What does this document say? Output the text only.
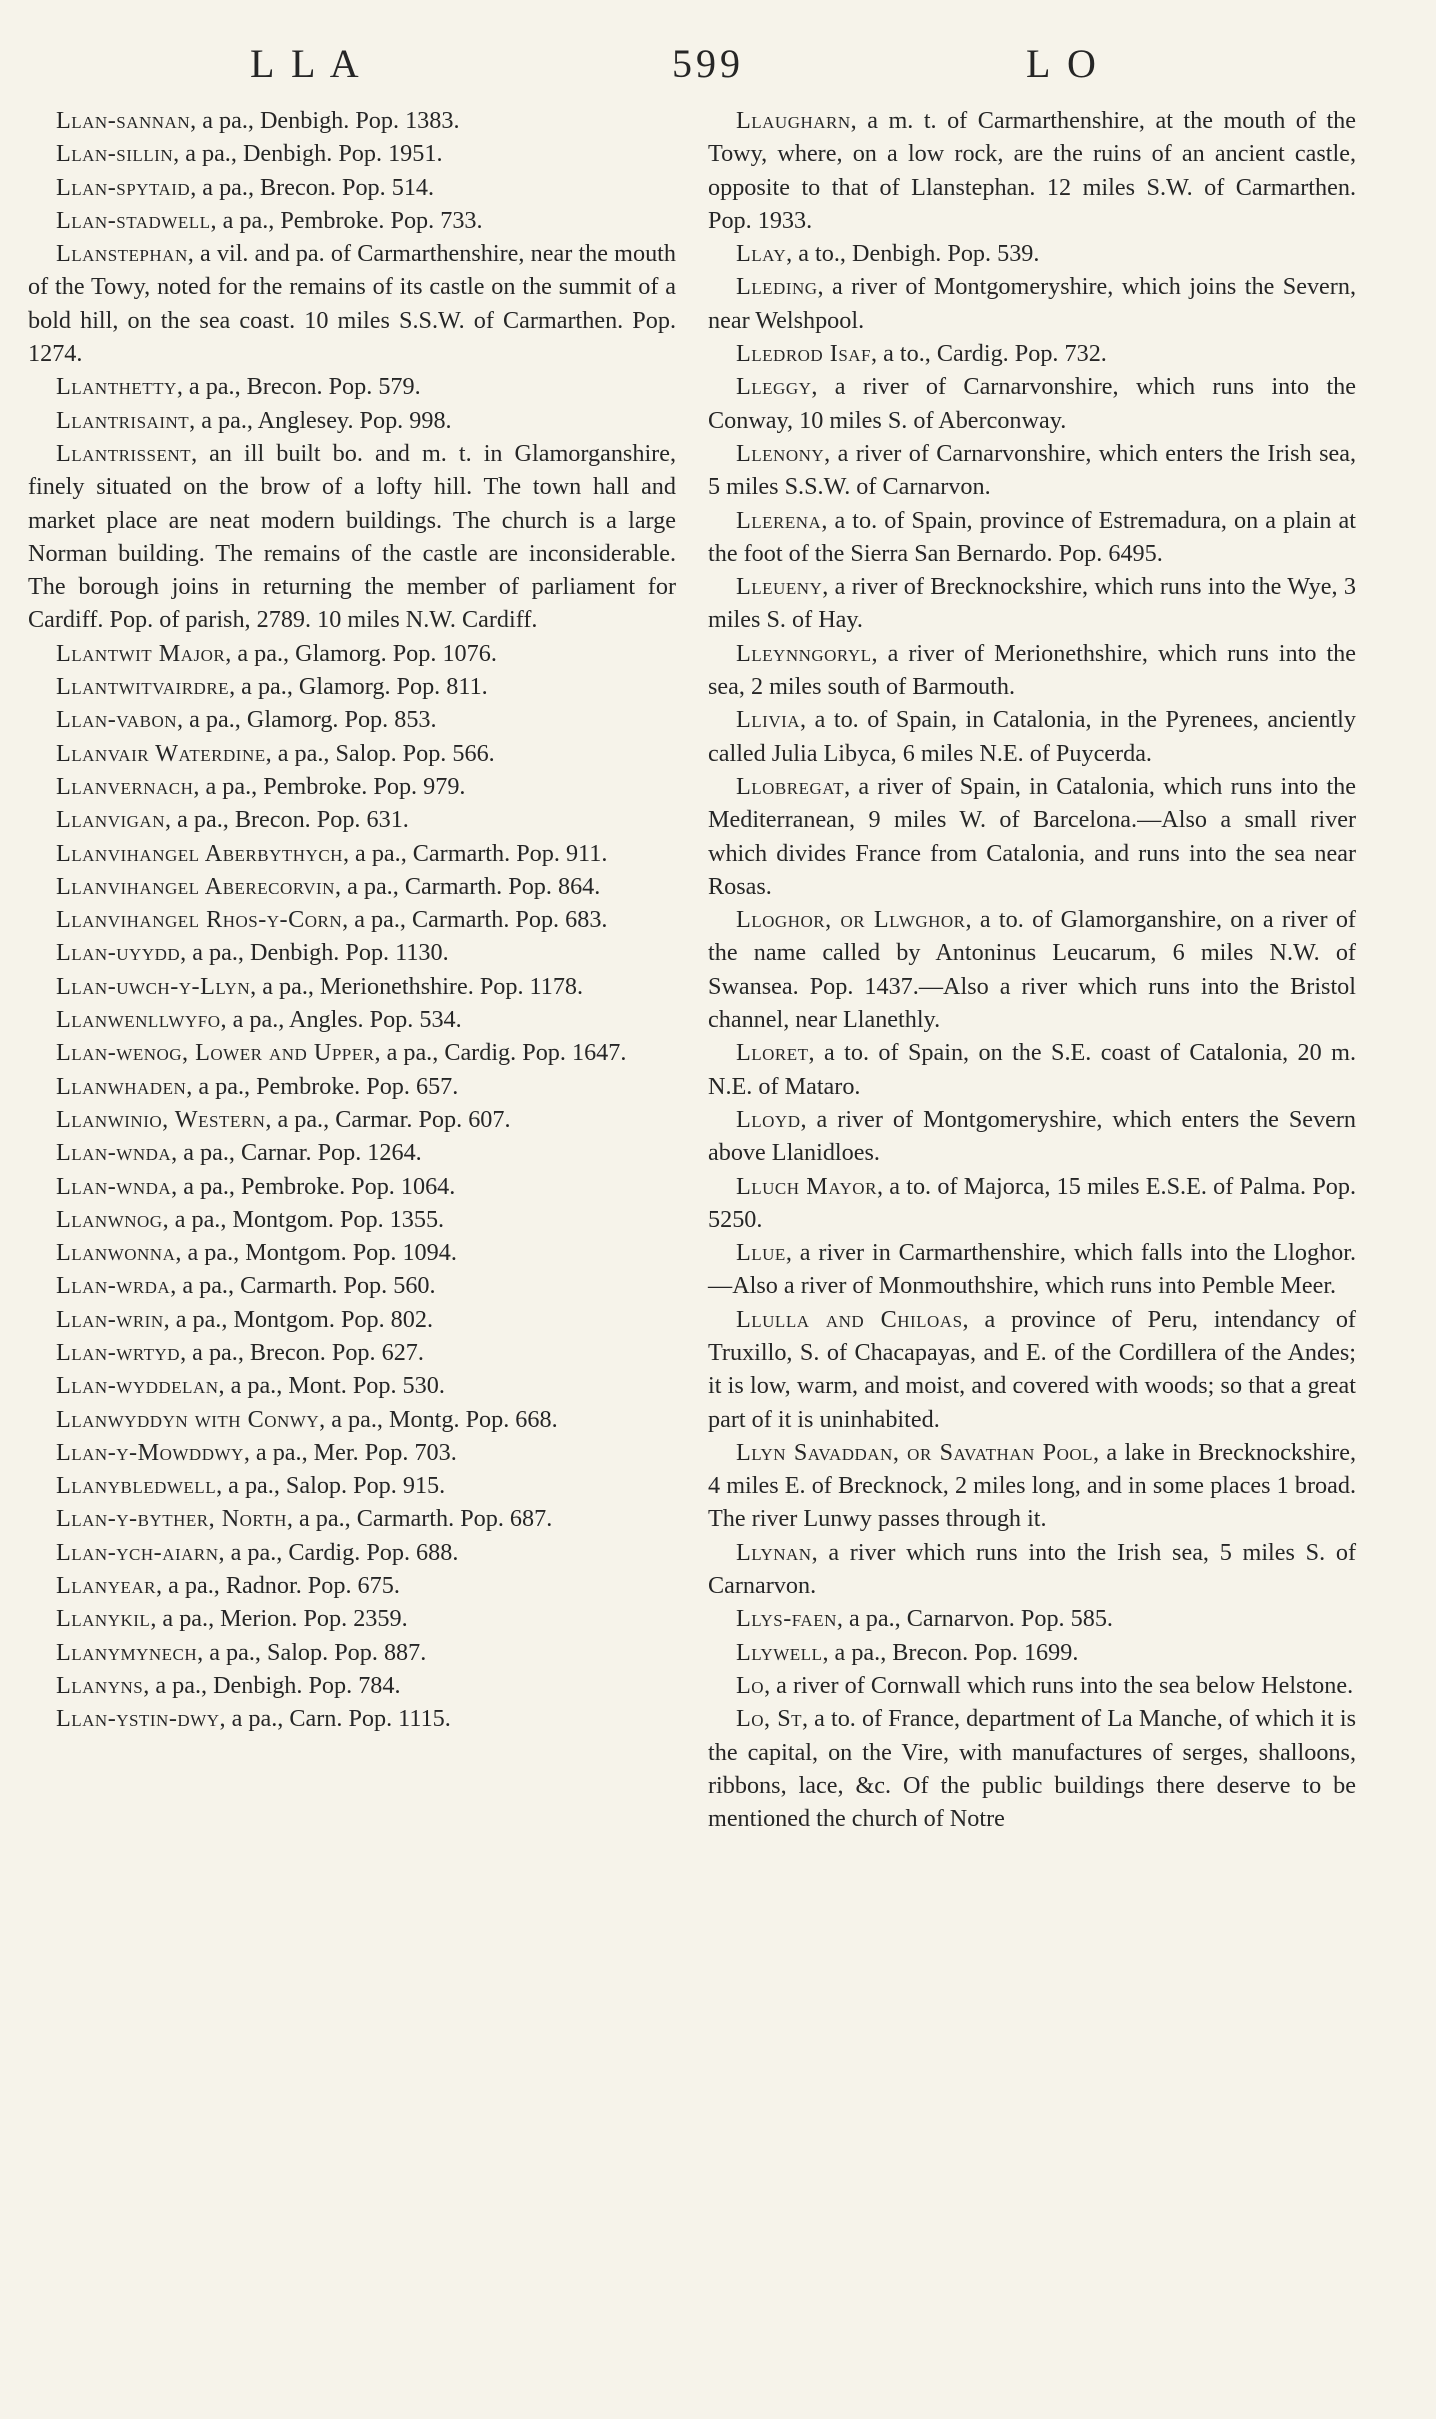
L L A	599	L O

Llan-sannan, a pa., Denbigh. Pop. 1383.

Llan-sillin, a pa., Denbigh. Pop. 1951.

Llan-spytaid, a pa., Brecon. Pop. 514.

Llan-stadwell, a pa., Pembroke. Pop. 733.

Llanstephan, a vil. and pa. of Carmarthenshire, near the mouth of the Towy, noted for the remains of its castle on the summit of a bold hill, on the sea coast. 10 miles S.S.W. of Carmarthen. Pop. 1274.

Llanthetty, a pa., Brecon. Pop. 579.

Llantrisaint, a pa., Anglesey. Pop. 998.

Llantrissent, an ill built bo. and m. t. in Glamorganshire, finely situated on the brow of a lofty hill. The town hall and market place are neat modern buildings. The church is a large Norman building. The remains of the castle are inconsiderable. The borough joins in returning the member of parliament for Cardiff. Pop. of parish, 2789. 10 miles N.W. Cardiff.

Llantwit Major, a pa., Glamorg. Pop. 1076.

Llantwitvairdre, a pa., Glamorg. Pop. 811.

Llan-vabon, a pa., Glamorg. Pop. 853.

Llanvair Waterdine, a pa., Salop. Pop. 566.

Llanvernach, a pa., Pembroke. Pop. 979.

Llanvigan, a pa., Brecon. Pop. 631.

Llanvihangel Aberbythych, a pa., Carmarth. Pop. 911.

Llanvihangel Aberecorvin, a pa., Carmarth. Pop. 864.

Llanvihangel Rhos-y-Corn, a pa., Carmarth. Pop. 683.

Llan-uyydd, a pa., Denbigh. Pop. 1130.

Llan-uwch-y-Llyn, a pa., Merionethshire. Pop. 1178.

Llanwenllwyfo, a pa., Angles. Pop. 534.

Llan-wenog, Lower and Upper, a pa., Cardig. Pop. 1647.

Llanwhaden, a pa., Pembroke. Pop. 657.

Llanwinio, Western, a pa., Carmar. Pop. 607.

Llan-wnda, a pa., Carnar. Pop. 1264.

Llan-wnda, a pa., Pembroke. Pop. 1064.

Llanwnog, a pa., Montgom. Pop. 1355.

Llanwonna, a pa., Montgom. Pop. 1094.

Llan-wrda, a pa., Carmarth. Pop. 560.

Llan-wrin, a pa., Montgom. Pop. 802.

Llan-wrtyd, a pa., Brecon. Pop. 627.

Llan-wyddelan, a pa., Mont. Pop. 530.

Llanwyddyn with Conwy, a pa., Montg. Pop. 668.

Llan-y-Mowddwy, a pa., Mer. Pop. 703.

Llanybledwell, a pa., Salop. Pop. 915.

Llan-y-byther, North, a pa., Carmarth. Pop. 687.

Llan-ych-aiarn, a pa., Cardig. Pop. 688.

Llanyear, a pa., Radnor. Pop. 675.

Llanykil, a pa., Merion. Pop. 2359.

Llanymynech, a pa., Salop. Pop. 887.

Llanyns, a pa., Denbigh. Pop. 784.

Llan-ystin-dwy, a pa., Carn. Pop. 1115.

Llaugharn, a m. t. of Carmarthenshire, at the mouth of the Towy, where, on a low rock, are the ruins of an ancient castle, opposite to that of Llanstephan. 12 miles S.W. of Carmarthen. Pop. 1933.

Llay, a to., Denbigh. Pop. 539.

Lleding, a river of Montgomeryshire, which joins the Severn, near Welshpool.

Lledrod Isaf, a to., Cardig. Pop. 732.

Lleggy, a river of Carnarvonshire, which runs into the Conway, 10 miles S. of Aberconway.

Llenony, a river of Carnarvonshire, which enters the Irish sea, 5 miles S.S.W. of Carnarvon.

Llerena, a to. of Spain, province of Estremadura, on a plain at the foot of the Sierra San Bernardo. Pop. 6495.

Lleueny, a river of Brecknockshire, which runs into the Wye, 3 miles S. of Hay.

Lleynngoryl, a river of Merionethshire, which runs into the sea, 2 miles south of Barmouth.

Llivia, a to. of Spain, in Catalonia, in the Pyrenees, anciently called Julia Libyca, 6 miles N.E. of Puycerda.

Llobregat, a river of Spain, in Catalonia, which runs into the Mediterranean, 9 miles W. of Barcelona.—Also a small river which divides France from Catalonia, and runs into the sea near Rosas.

Lloghor, or Llwghor, a to. of Glamorganshire, on a river of the name called by Antoninus Leucarum, 6 miles N.W. of Swansea. Pop. 1437.—Also a river which runs into the Bristol channel, near Llanethly.

Lloret, a to. of Spain, on the S.E. coast of Catalonia, 20 m. N.E. of Mataro.

Lloyd, a river of Montgomeryshire, which enters the Severn above Llanidloes.

Lluch Mayor, a to. of Majorca, 15 miles E.S.E. of Palma. Pop. 5250.

Llue, a river in Carmarthenshire, which falls into the Lloghor.—Also a river of Monmouthshire, which runs into Pemble Meer.

Llulla and Chiloas, a province of Peru, intendancy of Truxillo, S. of Chacapayas, and E. of the Cordillera of the Andes; it is low, warm, and moist, and covered with woods; so that a great part of it is uninhabited.

Llyn Savaddan, or Savathan Pool, a lake in Brecknockshire, 4 miles E. of Brecknock, 2 miles long, and in some places 1 broad. The river Lunwy passes through it.

Llynan, a river which runs into the Irish sea, 5 miles S. of Carnarvon.

Llys-faen, a pa., Carnarvon. Pop. 585.

Llywell, a pa., Brecon. Pop. 1699.

Lo, a river of Cornwall which runs into the sea below Helstone.

Lo, St, a to. of France, department of La Manche, of which it is the capital, on the Vire, with manufactures of serges, shalloons, ribbons, lace, &c. Of the public buildings there deserve to be mentioned the church of Notre
